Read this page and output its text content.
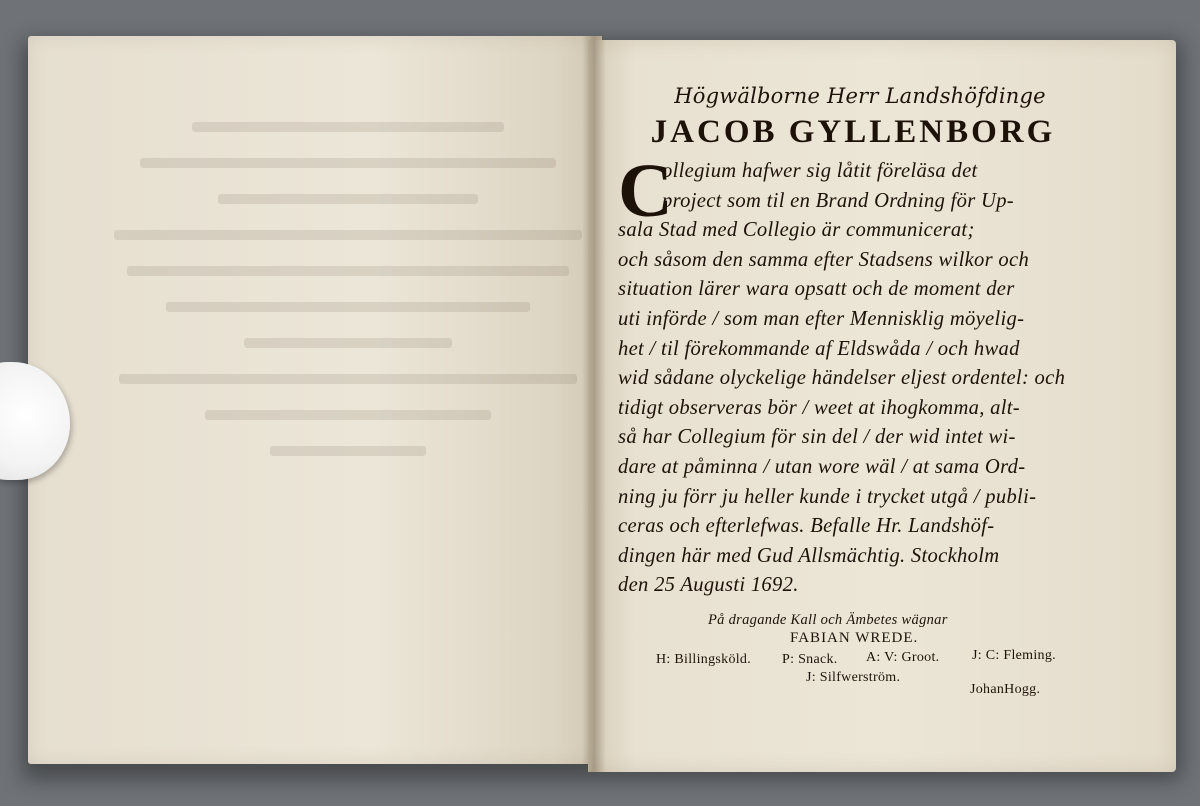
Högwälborne Herr Landshöfdinge
JACOB GYLLENBORG
C
ollegium hafwer sig låtit föreläsa det
project som til en Brand Ordning för Up-
sala Stad med Collegio är communicerat;
och såsom den samma efter Stadsens wilkor och
situation lärer wara opsatt och de moment der
uti införde / som man efter Mennisklig möyelig-
het / til förekommande af Eldswåda / och hwad
wid sådane olyckelige händelser eljest ordentel: och
tidigt observeras bör / weet at ihogkomma, alt-
så har Collegium för sin del / der wid intet wi-
dare at påminna / utan wore wäl / at sama Ord-
ning ju förr ju heller kunde i trycket utgå / publi-
ceras och efterlefwas. Befalle Hr. Landshöf-
dingen här med Gud Allsmächtig. Stockholm
den 25 Augusti 1692.
På dragande Kall och Ämbetes wägnar
FABIAN WREDE.
H: Billingsköld. P: Snack. A: V: Groot. J: C: Fleming.
J: Silfwerström.
JohanHogg.
